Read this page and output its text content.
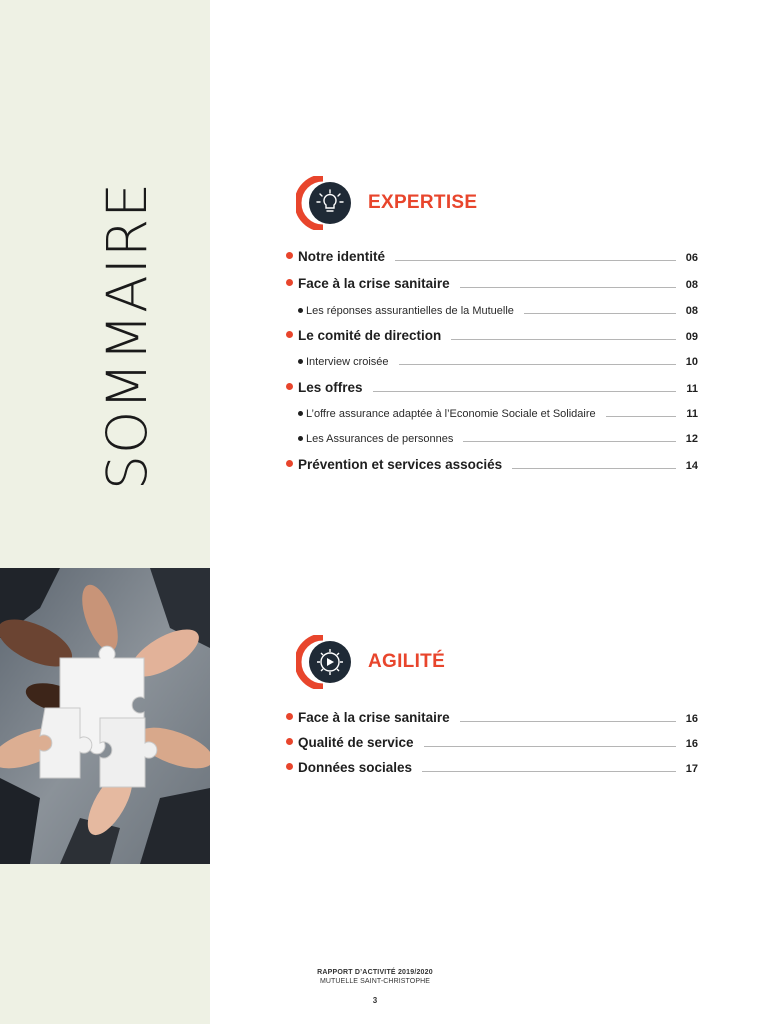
SOMMAIRE	EXPERTISE
Notre identité	06
Face à la crise sanitaire	08
Les réponses assurantielles de la Mutuelle	08
Le comité de direction	09
Interview croisée	10
Les offres	11
L’offre assurance adaptée à l’Economie Sociale et Solidaire	11
Les Assurances de personnes	12
Prévention et services associés	14
AGILITÉ
Face à la crise sanitaire	16
Qualité de service	16
Données sociales	17
RAPPORT D’ACTIVITÉ 2019/2020
MUTUELLE SAINT-CHRISTOPHE
3
